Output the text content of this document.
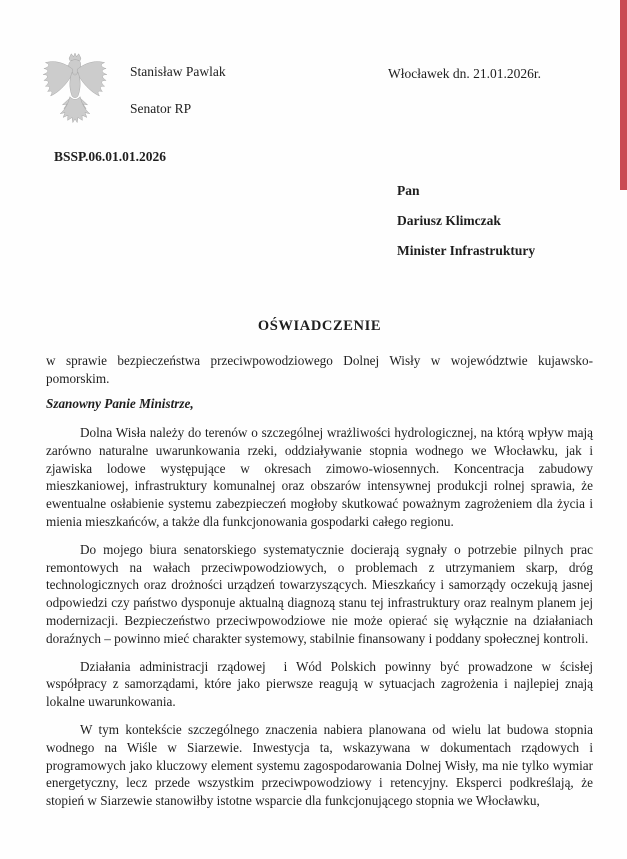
Stanisław Pawlak
Senator RP
Włocławek dn. 21.01.2026r.
BSSP.06.01.01.2026
Pan
Dariusz Klimczak
Minister Infrastruktury
OŚWIADCZENIE

w sprawie bezpieczeństwa przeciwpowodziowego Dolnej Wisły w województwie kujawsko-pomorskim.

Szanowny Panie Ministrze,

Dolna Wisła należy do terenów o szczególnej wrażliwości hydrologicznej, na którą wpływ mają zarówno naturalne uwarunkowania rzeki, oddziaływanie stopnia wodnego we Włocławku, jak i zjawiska lodowe występujące w okresach zimowo-wiosennych. Koncentracja zabudowy mieszkaniowej, infrastruktury komunalnej oraz obszarów intensywnej produkcji rolnej sprawia, że ewentualne osłabienie systemu zabezpieczeń mogłoby skutkować poważnym zagrożeniem dla życia i mienia mieszkańców, a także dla funkcjonowania gospodarki całego regionu.

Do mojego biura senatorskiego systematycznie docierają sygnały o potrzebie pilnych prac remontowych na wałach przeciwpowodziowych, o problemach z utrzymaniem skarp, dróg technologicznych oraz drożności urządzeń towarzyszących. Mieszkańcy i samorządy oczekują jasnej odpowiedzi czy państwo dysponuje aktualną diagnozą stanu tej infrastruktury oraz realnym planem jej modernizacji. Bezpieczeństwo przeciwpowodziowe nie może opierać się wyłącznie na działaniach doraźnych – powinno mieć charakter systemowy, stabilnie finansowany i poddany społecznej kontroli.

Działania administracji rządowej  i Wód Polskich powinny być prowadzone w ścisłej współpracy z samorządami, które jako pierwsze reagują w sytuacjach zagrożenia i najlepiej znają lokalne uwarunkowania.

W tym kontekście szczególnego znaczenia nabiera planowana od wielu lat budowa stopnia wodnego na Wiśle w Siarzewie. Inwestycja ta, wskazywana w dokumentach rządowych i programowych jako kluczowy element systemu zagospodarowania Dolnej Wisły, ma nie tylko wymiar energetyczny, lecz przede wszystkim przeciwpowodziowy i retencyjny. Eksperci podkreślają, że stopień w Siarzewie stanowiłby istotne wsparcie dla funkcjonującego stopnia we Włocławku,
